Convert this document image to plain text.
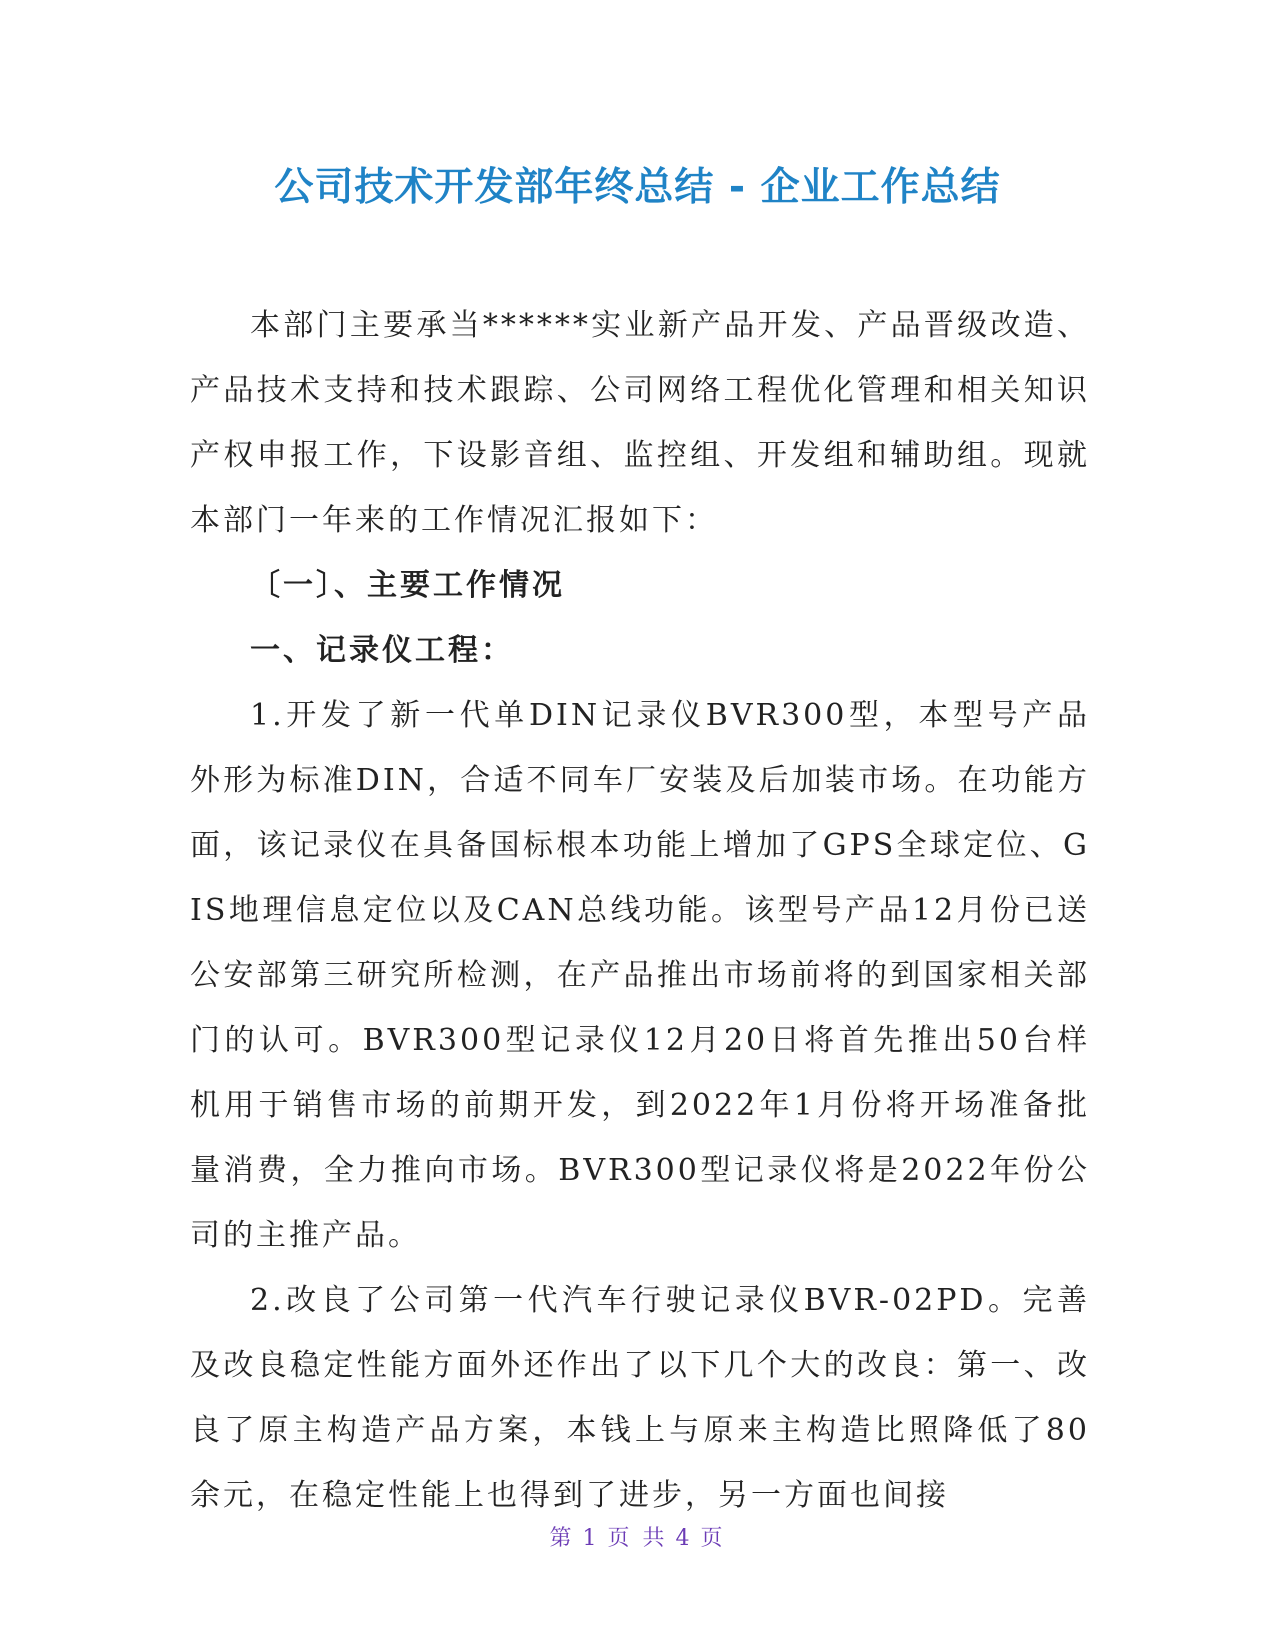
公司技术开发部年终总结 - 企业工作总结

本部门主要承当******实业新产品开发、产品晋级改造、产品技术支持和技术跟踪、公司网络工程优化管理和相关知识产权申报工作，下设影音组、监控组、开发组和辅助组。现就本部门一年来的工作情况汇报如下：

〔一〕、主要工作情况

一、记录仪工程：

1.开发了新一代单DIN记录仪BVR300型，本型号产品外形为标准DIN，合适不同车厂安装及后加装市场。在功能方面，该记录仪在具备国标根本功能上增加了GPS全球定位、GIS地理信息定位以及CAN总线功能。该型号产品12月份已送公安部第三研究所检测，在产品推出市场前将的到国家相关部门的认可。BVR300型记录仪12月20日将首先推出50台样机用于销售市场的前期开发，到2022年1月份将开场准备批量消费，全力推向市场。BVR300型记录仪将是2022年份公司的主推产品。

2.改良了公司第一代汽车行驶记录仪BVR-02PD。完善及改良稳定性能方面外还作出了以下几个大的改良：第一、改良了原主构造产品方案，本钱上与原来主构造比照降低了80余元，在稳定性能上也得到了进步，另一方面也间接

第 1 页 共 4 页
